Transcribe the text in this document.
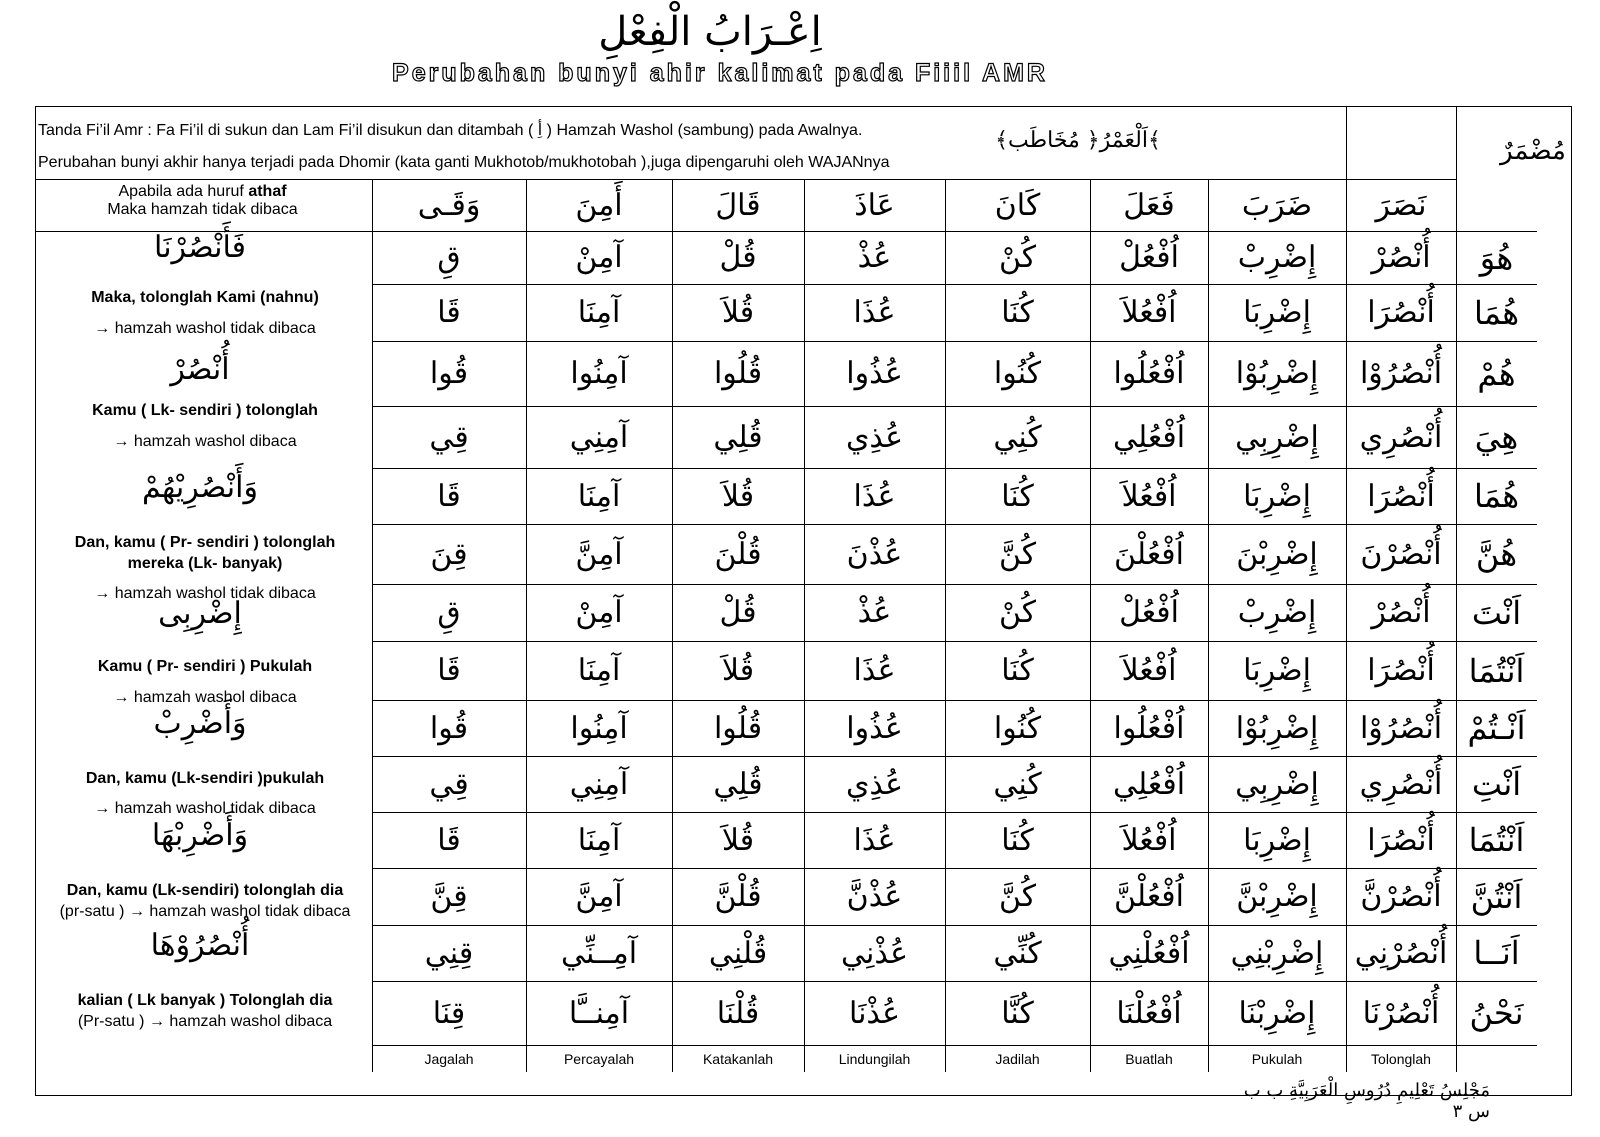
اِعْـرَابُ الْفِعْلِ
Perubahan bunyi ahir kalimat pada Fiiil AMR
Tanda Fi’il Amr : Fa Fi’il di sukun dan Lam Fi’il disukun dan ditambah ( أِ ) Hamzah Washol (sambung) pada Awalnya.
Perubahan bunyi akhir hanya terjadi pada Dhomir (kata ganti Mukhotob/mukhotobah ),juga dipengaruhi oleh WAJANnya
﴾اَلْعَمْرُ﴿ مُخَاطَب﴾	مُضْمَرٌ
Apabila ada huruf athaf
Maka hamzah tidak dibaca	نَصَرَ
ضَرَبَ
فَعَلَ
كَانَ
عَاذَ
قَالَ
أَمِنَ
وَقَـى
هُوَ
أُنْصُرْ
إِضْرِبْ
اُفْعُلْ
كُنْ
عُذْ
قُلْ
آمِنْ
قِ
هُمَا
أُنْصُرَا
إِضْرِبَا
اُفْعُلاَ
كُنَا
عُذَا
قُلاَ
آمِنَا
قَا
هُمْ
أُنْصُرُوْا
إِضْرِبُوْا
اُفْعُلُوا
كُنُوا
عُذُوا
قُلُوا
آمِنُوا
قُوا
هِيَ
أُنْصُرِي
إِضْرِبِي
اُفْعُلِي
كُنِي
عُذِي
قُلِي
آمِنِي
قِي
هُمَا
أُنْصُرَا
إِضْرِبَا
اُفْعُلاَ
كُنَا
عُذَا
قُلاَ
آمِنَا
قَا
هُنَّ
أُنْصُرْنَ
إِضْرِبْنَ
اُفْعُلْنَ
كُنَّ
عُذْنَ
قُلْنَ
آمِنَّ
قِنَ
اَنْتَ
أُنْصُرْ
إِضْرِبْ
اُفْعُلْ
كُنْ
عُذْ
قُلْ
آمِنْ
قِ
اَنْتُمَا
أُنْصُرَا
إِضْرِبَا
اُفْعُلاَ
كُنَا
عُذَا
قُلاَ
آمِنَا
قَا
اَنْـتُمْ
أُنْصُرُوْا
إِضْرِبُوْا
اُفْعُلُوا
كُنُوا
عُذُوا
قُلُوا
آمِنُوا
قُوا
اَنْتِ
أُنْصُرِي
إِضْرِبِي
اُفْعُلِي
كُنِي
عُذِي
قُلِي
آمِنِي
قِي
اَنْتُمَا
أُنْصُرَا
إِضْرِبَا
اُفْعُلاَ
كُنَا
عُذَا
قُلاَ
آمِنَا
قَا
اَنْتُنَّ
أُنْصُرْنَّ
إِضْرِبْنَّ
اُفْعُلْنَّ
كُنَّ
عُذْنَّ
قُلْنَّ
آمِنَّ
قِنَّ
اَنَــا
أُنْصُرْنِي
إِضْرِبْنِي
اُفْعُلْنِي
كُنِّي
عُذْنِي
قُلْنِي
آمِــنِّي
قِنِي
نَحْنُ
أُنْصُرْنَا
إِضْرِبْنَا
اُفْعُلْنَا
كُنَّا
عُذْنَا
قُلْنَا
آمِنــَّا
قِنَا
Tolonglah
Pukulah
Buatlah
Jadilah
Lindungilah
Katakanlah
Percayalah
Jagalah
فَأَنْصُرْنَا
Maka, tolonglah Kami (nahnu)
→ hamzah washol tidak dibaca
أُنْصُرْ
Kamu ( Lk- sendiri ) tolonglah
→ hamzah washol dibaca
وَأَنْصُرِيْهُمْ
Dan, kamu ( Pr- sendiri ) tolonglah
mereka (Lk- banyak)
→ hamzah washol tidak dibaca
إِضْرِبِى
Kamu ( Pr- sendiri ) Pukulah
→ hamzah washol dibaca
وَأَضْرِبْ
Dan, kamu (Lk-sendiri )pukulah
→ hamzah washol tidak dibaca
وَأَضْرِبْهَا
Dan, kamu (Lk-sendiri) tolonglah dia
(pr-satu ) → hamzah washol tidak dibaca
أُنْصُرُوْهَا
kalian ( Lk banyak ) Tolonglah dia
(Pr-satu ) → hamzah washol dibaca
مَجْلِسُ تَعْلِيمِ دُرُوسِ الْعَرَبِيَّةِ ب ب س ٣
